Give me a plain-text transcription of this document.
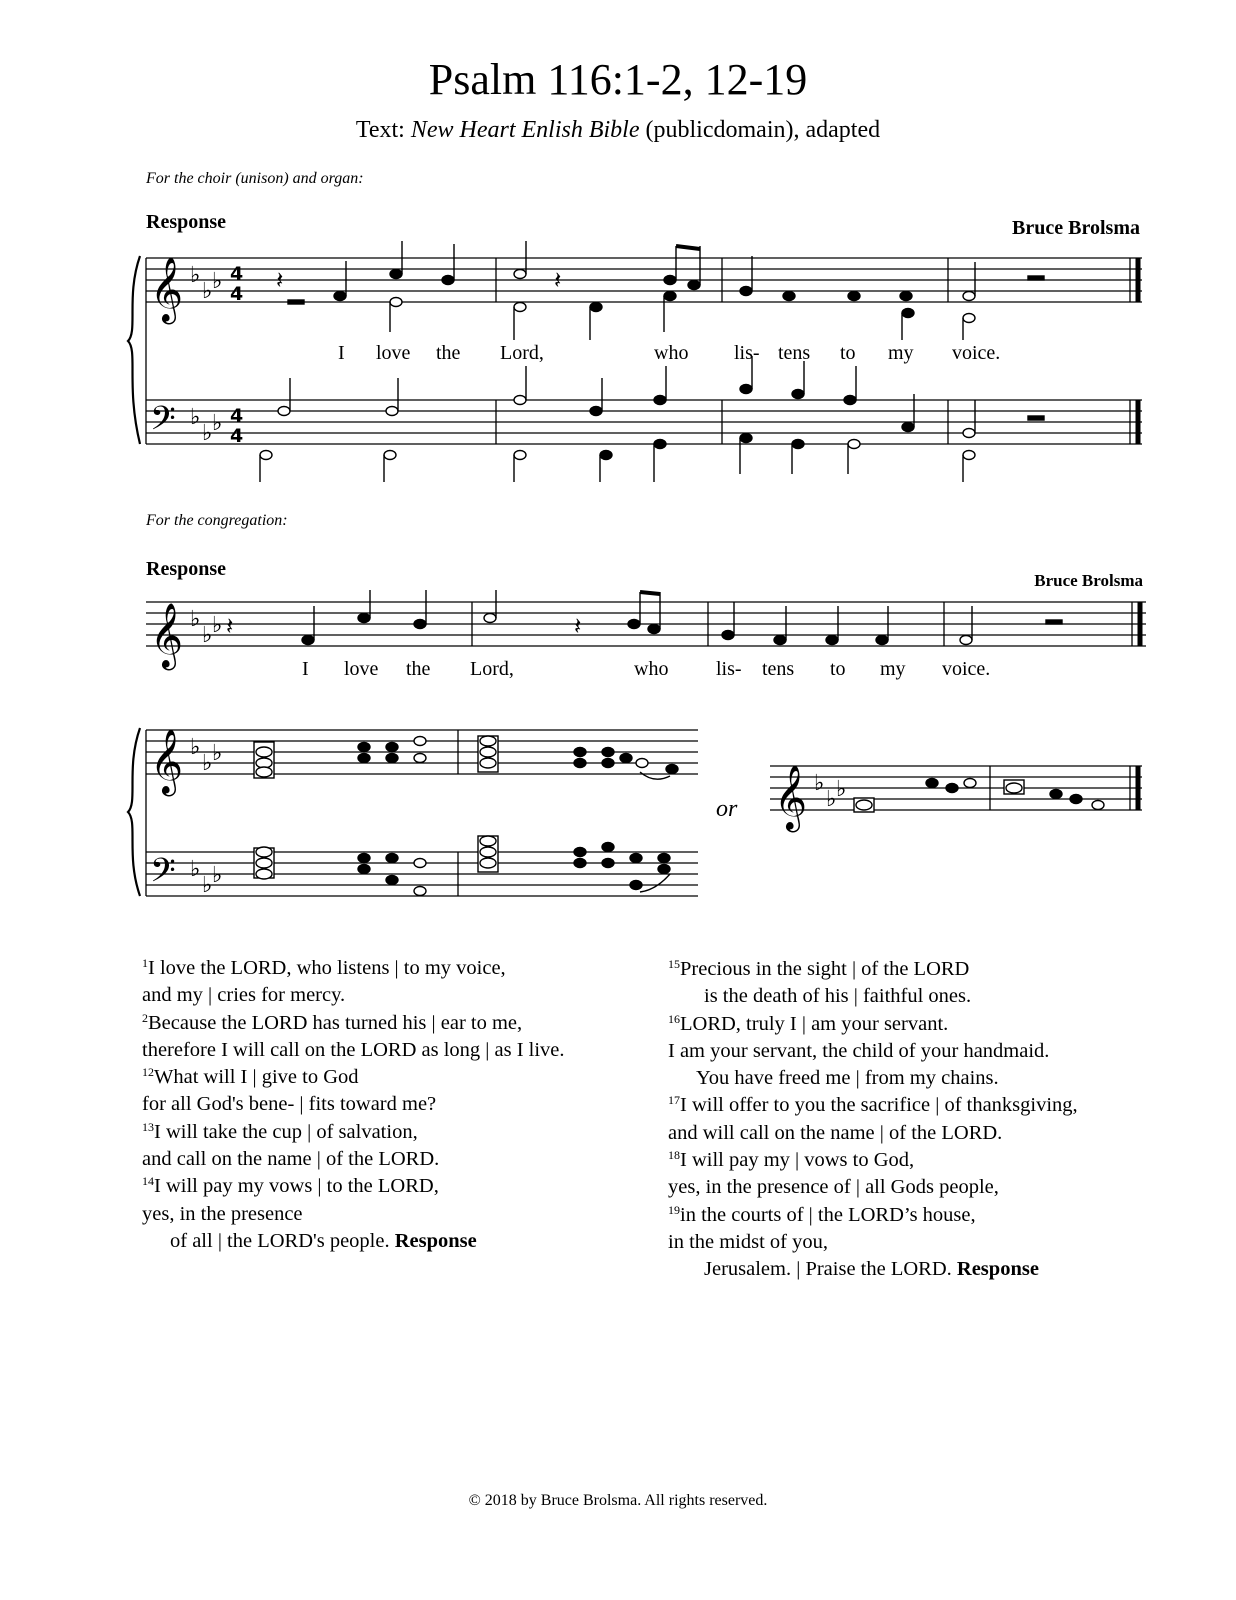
Psalm 116:1-2, 12-19
Text: New Heart Enlish Bible (publicdomain), adapted
For the choir (unison) and organ:
Response	Bruce Brolsma
𝄞
𝄢
♭
♭ ♭
♭
♭ ♭
4
4
4
4
𝄽	𝄽
I love the Lord,	who lis- tens to my voice.
For the congregation:
Response
Bruce Brolsma
𝄞 ♭
♭ ♭ 𝄽	𝄽
I love the Lord,	who lis- tens to my voice.
𝄞
𝄢
♭
♭ ♭
♭
♭ ♭
𝄞 ♭
♭ ♭
or
$^1$I love the LORD, who listens | to my voice,
and my | cries for mercy.
$^2$Because the LORD has turned his | ear to me,
therefore I will call on the LORD as long | as I live.
$^{12}$What will I | give to God
for all God's bene- | fits toward me?
$^{13}$I will take the cup | of salvation,
and call on the name | of the LORD.
$^{14}$I will pay my vows | to the LORD,
yes, in the presence
of all | the LORD's people. Response
$^{15}$Precious in the sight | of the LORD
is the death of his | faithful ones.
$^{16}$LORD, truly I | am your servant.
I am your servant, the child of your handmaid.
You have freed me | from my chains.
$^{17}$I will offer to you the sacrifice | of thanksgiving,
and will call on the name | of the LORD.
$^{18}$I will pay my | vows to God,
yes, in the presence of | all Gods people,
$^{19}$in the courts of | the LORD’s house,
in the midst of you,
Jerusalem. | Praise the LORD. Response
© 2018 by Bruce Brolsma. All rights reserved.
